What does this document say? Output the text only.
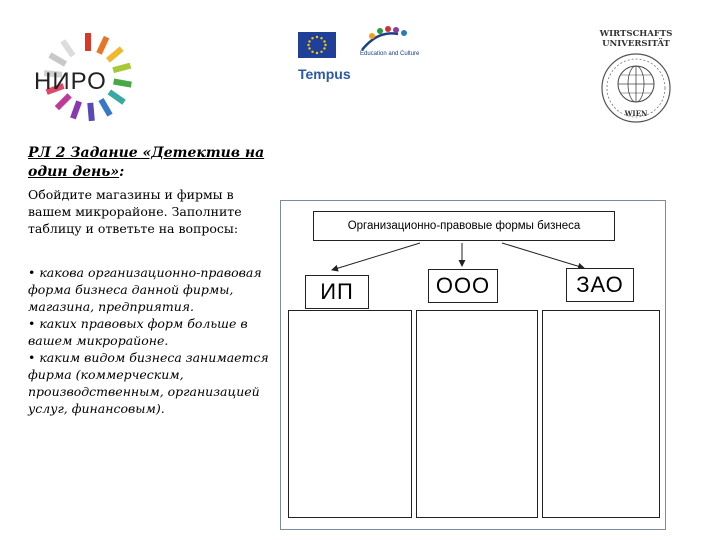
НИРО
Education and Culture
Tempus
WIRTSCHAFTS
UNIVERSITÄT
WIEN
РЛ 2 Задание «Детектив на
один день»:
Обойдите магазины и фирмы в вашем микрорайоне. Заполните таблицу и ответьте на вопросы:
• какова организационно-правовая форма бизнеса данной фирмы, магазина, предприятия.
• каких правовых форм больше в вашем микрорайоне.
• каким видом бизнеса занимается фирма (коммерческим, производственным, организацией услуг, финансовым).
Организационно-правовые формы бизнеса
ИП	ООО	ЗАО
